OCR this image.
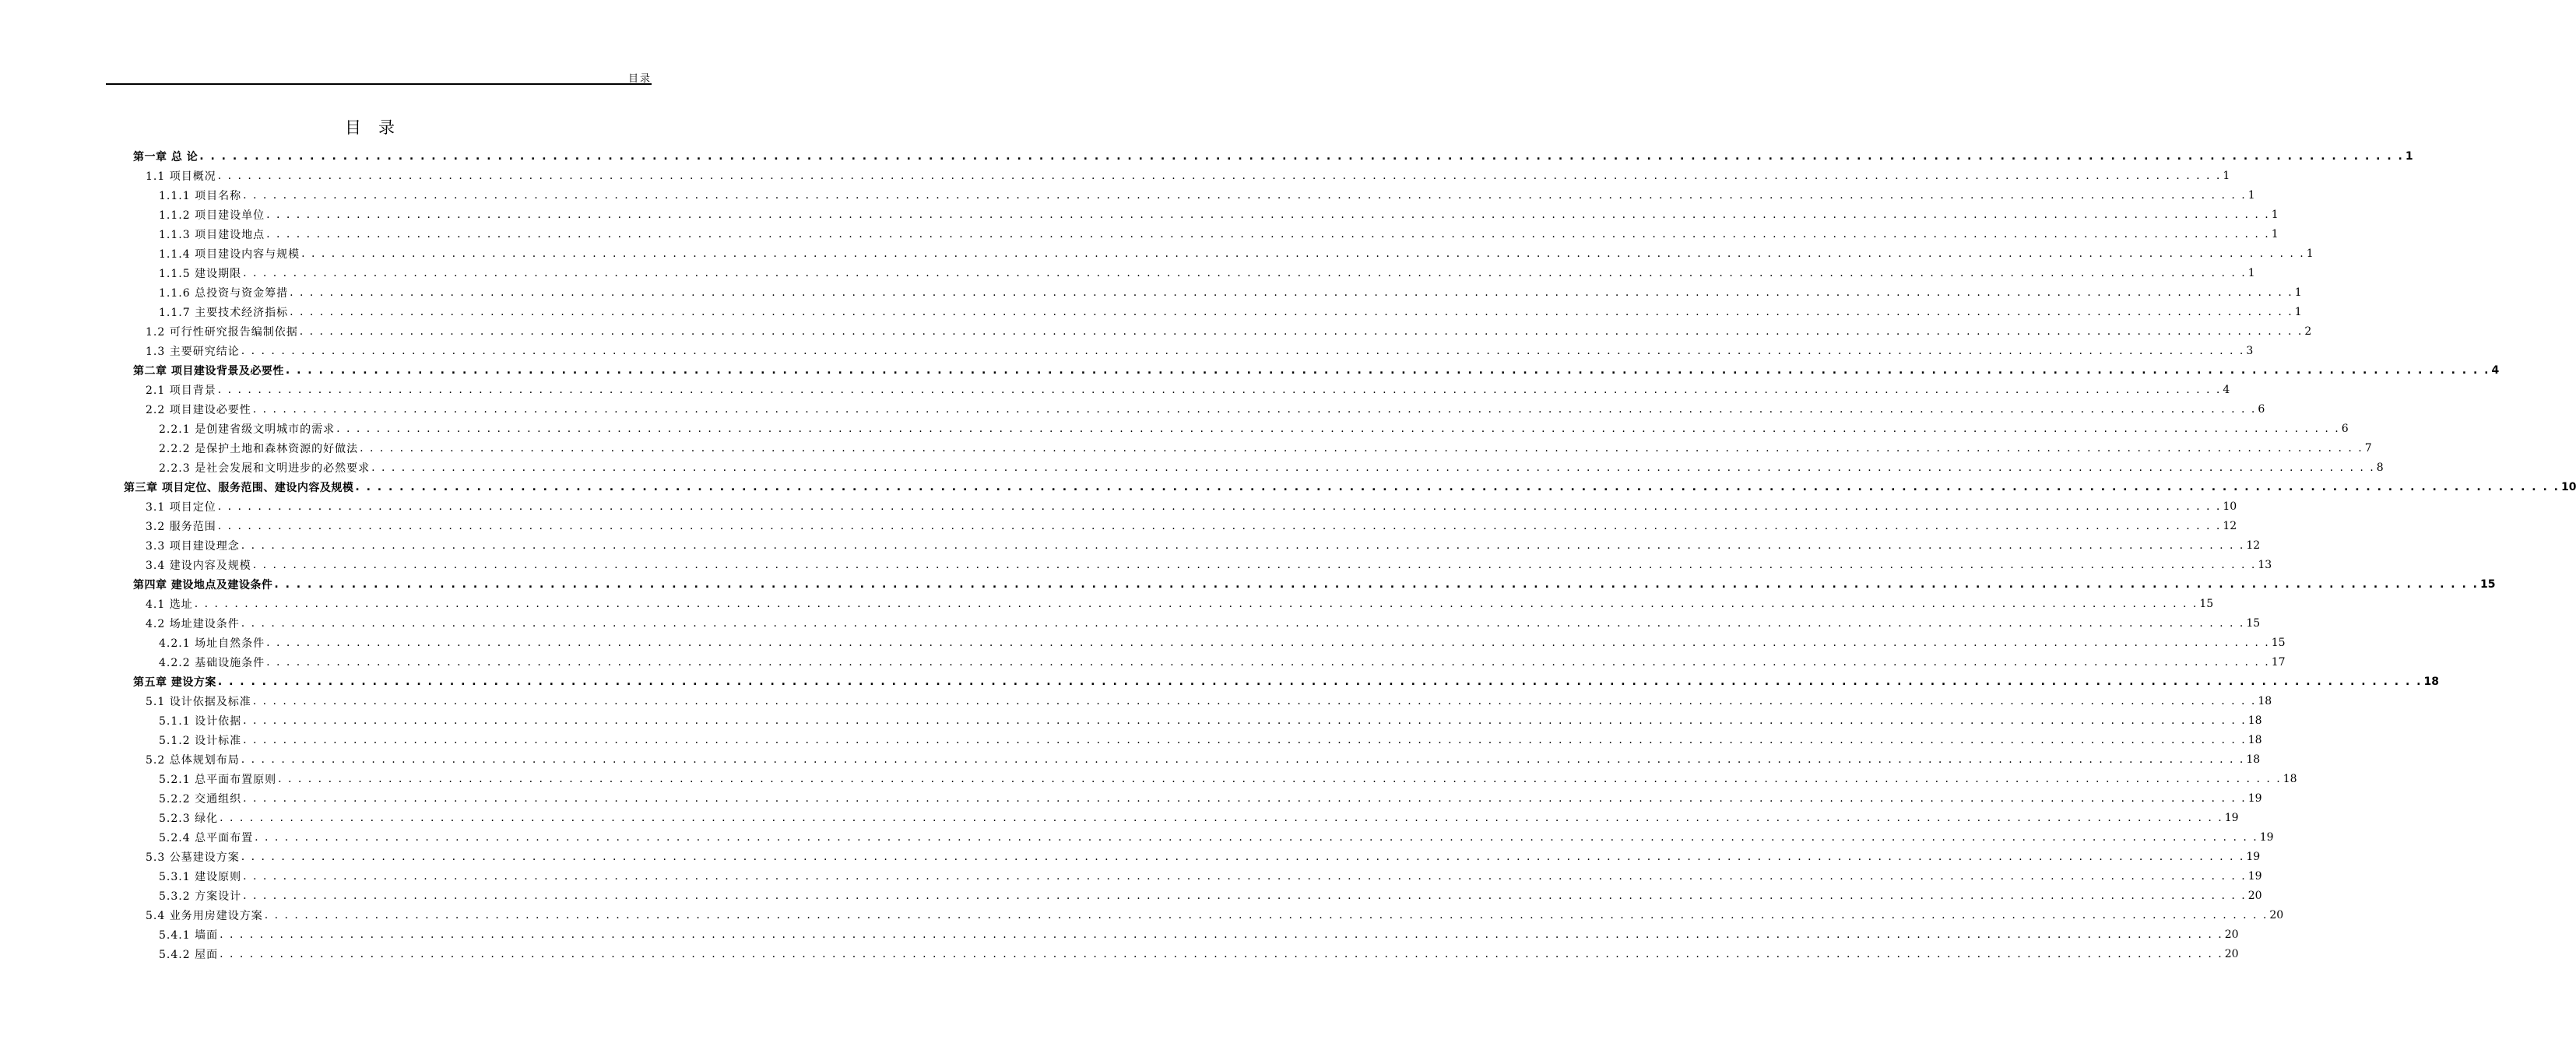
目录
目录
第一章 总 论 . . . . . . . . . . . . . . . . . . . . . . . . . . . . . . . . . . . . . . . . . . . . . . . . . . . . . . . . . . . . . . . . . . . . . . . . . . . . . . . . . . . . . . . . . . . . . . . . . . . . . . . . . . . . . . . . . . . . . . . . . . . . . . . . . . . . . . . . . . . . . . . . . . . . . . . . . . . . . . . . . . . . . . . . . . . . . . . . . . . . . . . . . . . . . . . . . . . . . . . . 1
1.1 项目概况 . . . . . . . . . . . . . . . . . . . . . . . . . . . . . . . . . . . . . . . . . . . . . . . . . . . . . . . . . . . . . . . . . . . . . . . . . . . . . . . . . . . . . . . . . . . . . . . . . . . . . . . . . . . . . . . . . . . . . . . . . . . . . . . . . . . . . . . . . . . . . . . . . . . . . . . . . . . . . . . . . . . . . . . . . . . . . . . . . . . . . . . . . . . . . . . . . . . . . . . . 1
1.1.1 项目名称 . . . . . . . . . . . . . . . . . . . . . . . . . . . . . . . . . . . . . . . . . . . . . . . . . . . . . . . . . . . . . . . . . . . . . . . . . . . . . . . . . . . . . . . . . . . . . . . . . . . . . . . . . . . . . . . . . . . . . . . . . . . . . . . . . . . . . . . . . . . . . . . . . . . . . . . . . . . . . . . . . . . . . . . . . . . . . . . . . . . . . . . . . . . . . . . . . . . . . . . . 1
1.1.2 项目建设单位 . . . . . . . . . . . . . . . . . . . . . . . . . . . . . . . . . . . . . . . . . . . . . . . . . . . . . . . . . . . . . . . . . . . . . . . . . . . . . . . . . . . . . . . . . . . . . . . . . . . . . . . . . . . . . . . . . . . . . . . . . . . . . . . . . . . . . . . . . . . . . . . . . . . . . . . . . . . . . . . . . . . . . . . . . . . . . . . . . . . . . . . . . . . . . . . . . . . . . . . . 1
1.1.3 项目建设地点 . . . . . . . . . . . . . . . . . . . . . . . . . . . . . . . . . . . . . . . . . . . . . . . . . . . . . . . . . . . . . . . . . . . . . . . . . . . . . . . . . . . . . . . . . . . . . . . . . . . . . . . . . . . . . . . . . . . . . . . . . . . . . . . . . . . . . . . . . . . . . . . . . . . . . . . . . . . . . . . . . . . . . . . . . . . . . . . . . . . . . . . . . . . . . . . . . . . . . . . . 1
1.1.4 项目建设内容与规模 . . . . . . . . . . . . . . . . . . . . . . . . . . . . . . . . . . . . . . . . . . . . . . . . . . . . . . . . . . . . . . . . . . . . . . . . . . . . . . . . . . . . . . . . . . . . . . . . . . . . . . . . . . . . . . . . . . . . . . . . . . . . . . . . . . . . . . . . . . . . . . . . . . . . . . . . . . . . . . . . . . . . . . . . . . . . . . . . . . . . . . . . . . . . . . . . . . . . . . . . 1
1.1.5 建设期限 . . . . . . . . . . . . . . . . . . . . . . . . . . . . . . . . . . . . . . . . . . . . . . . . . . . . . . . . . . . . . . . . . . . . . . . . . . . . . . . . . . . . . . . . . . . . . . . . . . . . . . . . . . . . . . . . . . . . . . . . . . . . . . . . . . . . . . . . . . . . . . . . . . . . . . . . . . . . . . . . . . . . . . . . . . . . . . . . . . . . . . . . . . . . . . . . . . . . . . . . 1
1.1.6 总投资与资金筹措 . . . . . . . . . . . . . . . . . . . . . . . . . . . . . . . . . . . . . . . . . . . . . . . . . . . . . . . . . . . . . . . . . . . . . . . . . . . . . . . . . . . . . . . . . . . . . . . . . . . . . . . . . . . . . . . . . . . . . . . . . . . . . . . . . . . . . . . . . . . . . . . . . . . . . . . . . . . . . . . . . . . . . . . . . . . . . . . . . . . . . . . . . . . . . . . . . . . . . . . . 1
1.1.7 主要技术经济指标 . . . . . . . . . . . . . . . . . . . . . . . . . . . . . . . . . . . . . . . . . . . . . . . . . . . . . . . . . . . . . . . . . . . . . . . . . . . . . . . . . . . . . . . . . . . . . . . . . . . . . . . . . . . . . . . . . . . . . . . . . . . . . . . . . . . . . . . . . . . . . . . . . . . . . . . . . . . . . . . . . . . . . . . . . . . . . . . . . . . . . . . . . . . . . . . . . . . . . . . . 1
1.2 可行性研究报告编制依据 . . . . . . . . . . . . . . . . . . . . . . . . . . . . . . . . . . . . . . . . . . . . . . . . . . . . . . . . . . . . . . . . . . . . . . . . . . . . . . . . . . . . . . . . . . . . . . . . . . . . . . . . . . . . . . . . . . . . . . . . . . . . . . . . . . . . . . . . . . . . . . . . . . . . . . . . . . . . . . . . . . . . . . . . . . . . . . . . . . . . . . . . . . . . . . . . . . . . . . . . 2
1.3 主要研究结论 . . . . . . . . . . . . . . . . . . . . . . . . . . . . . . . . . . . . . . . . . . . . . . . . . . . . . . . . . . . . . . . . . . . . . . . . . . . . . . . . . . . . . . . . . . . . . . . . . . . . . . . . . . . . . . . . . . . . . . . . . . . . . . . . . . . . . . . . . . . . . . . . . . . . . . . . . . . . . . . . . . . . . . . . . . . . . . . . . . . . . . . . . . . . . . . . . . . . . . . . 3
第二章 项目建设背景及必要性 . . . . . . . . . . . . . . . . . . . . . . . . . . . . . . . . . . . . . . . . . . . . . . . . . . . . . . . . . . . . . . . . . . . . . . . . . . . . . . . . . . . . . . . . . . . . . . . . . . . . . . . . . . . . . . . . . . . . . . . . . . . . . . . . . . . . . . . . . . . . . . . . . . . . . . . . . . . . . . . . . . . . . . . . . . . . . . . . . . . . . . . . . . . . . . . . . . . . . . . . 4
2.1 项目背景 . . . . . . . . . . . . . . . . . . . . . . . . . . . . . . . . . . . . . . . . . . . . . . . . . . . . . . . . . . . . . . . . . . . . . . . . . . . . . . . . . . . . . . . . . . . . . . . . . . . . . . . . . . . . . . . . . . . . . . . . . . . . . . . . . . . . . . . . . . . . . . . . . . . . . . . . . . . . . . . . . . . . . . . . . . . . . . . . . . . . . . . . . . . . . . . . . . . . . . . . 4
2.2 项目建设必要性 . . . . . . . . . . . . . . . . . . . . . . . . . . . . . . . . . . . . . . . . . . . . . . . . . . . . . . . . . . . . . . . . . . . . . . . . . . . . . . . . . . . . . . . . . . . . . . . . . . . . . . . . . . . . . . . . . . . . . . . . . . . . . . . . . . . . . . . . . . . . . . . . . . . . . . . . . . . . . . . . . . . . . . . . . . . . . . . . . . . . . . . . . . . . . . . . . . . . . . . . 6
2.2.1 是创建省级文明城市的需求 . . . . . . . . . . . . . . . . . . . . . . . . . . . . . . . . . . . . . . . . . . . . . . . . . . . . . . . . . . . . . . . . . . . . . . . . . . . . . . . . . . . . . . . . . . . . . . . . . . . . . . . . . . . . . . . . . . . . . . . . . . . . . . . . . . . . . . . . . . . . . . . . . . . . . . . . . . . . . . . . . . . . . . . . . . . . . . . . . . . . . . . . . . . . . . . . . . . . . . . . 6
2.2.2 是保护土地和森林资源的好做法 . . . . . . . . . . . . . . . . . . . . . . . . . . . . . . . . . . . . . . . . . . . . . . . . . . . . . . . . . . . . . . . . . . . . . . . . . . . . . . . . . . . . . . . . . . . . . . . . . . . . . . . . . . . . . . . . . . . . . . . . . . . . . . . . . . . . . . . . . . . . . . . . . . . . . . . . . . . . . . . . . . . . . . . . . . . . . . . . . . . . . . . . . . . . . . . . . . . . . . . . 7
2.2.3 是社会发展和文明进步的必然要求 . . . . . . . . . . . . . . . . . . . . . . . . . . . . . . . . . . . . . . . . . . . . . . . . . . . . . . . . . . . . . . . . . . . . . . . . . . . . . . . . . . . . . . . . . . . . . . . . . . . . . . . . . . . . . . . . . . . . . . . . . . . . . . . . . . . . . . . . . . . . . . . . . . . . . . . . . . . . . . . . . . . . . . . . . . . . . . . . . . . . . . . . . . . . . . . . . . . . . . . . 8
第三章 项目定位、服务范围、建设内容及规模 . . . . . . . . . . . . . . . . . . . . . . . . . . . . . . . . . . . . . . . . . . . . . . . . . . . . . . . . . . . . . . . . . . . . . . . . . . . . . . . . . . . . . . . . . . . . . . . . . . . . . . . . . . . . . . . . . . . . . . . . . . . . . . . . . . . . . . . . . . . . . . . . . . . . . . . . . . . . . . . . . . . . . . . . . . . . . . . . . . . . . . . . . . . . . . . . . . . . . . . . 10
3.1 项目定位 . . . . . . . . . . . . . . . . . . . . . . . . . . . . . . . . . . . . . . . . . . . . . . . . . . . . . . . . . . . . . . . . . . . . . . . . . . . . . . . . . . . . . . . . . . . . . . . . . . . . . . . . . . . . . . . . . . . . . . . . . . . . . . . . . . . . . . . . . . . . . . . . . . . . . . . . . . . . . . . . . . . . . . . . . . . . . . . . . . . . . . . . . . . . . . . . . . . . . . . . 10
3.2 服务范围 . . . . . . . . . . . . . . . . . . . . . . . . . . . . . . . . . . . . . . . . . . . . . . . . . . . . . . . . . . . . . . . . . . . . . . . . . . . . . . . . . . . . . . . . . . . . . . . . . . . . . . . . . . . . . . . . . . . . . . . . . . . . . . . . . . . . . . . . . . . . . . . . . . . . . . . . . . . . . . . . . . . . . . . . . . . . . . . . . . . . . . . . . . . . . . . . . . . . . . . . 12
3.3 项目建设理念 . . . . . . . . . . . . . . . . . . . . . . . . . . . . . . . . . . . . . . . . . . . . . . . . . . . . . . . . . . . . . . . . . . . . . . . . . . . . . . . . . . . . . . . . . . . . . . . . . . . . . . . . . . . . . . . . . . . . . . . . . . . . . . . . . . . . . . . . . . . . . . . . . . . . . . . . . . . . . . . . . . . . . . . . . . . . . . . . . . . . . . . . . . . . . . . . . . . . . . . . 12
3.4 建设内容及规模 . . . . . . . . . . . . . . . . . . . . . . . . . . . . . . . . . . . . . . . . . . . . . . . . . . . . . . . . . . . . . . . . . . . . . . . . . . . . . . . . . . . . . . . . . . . . . . . . . . . . . . . . . . . . . . . . . . . . . . . . . . . . . . . . . . . . . . . . . . . . . . . . . . . . . . . . . . . . . . . . . . . . . . . . . . . . . . . . . . . . . . . . . . . . . . . . . . . . . . . . 13
第四章 建设地点及建设条件 . . . . . . . . . . . . . . . . . . . . . . . . . . . . . . . . . . . . . . . . . . . . . . . . . . . . . . . . . . . . . . . . . . . . . . . . . . . . . . . . . . . . . . . . . . . . . . . . . . . . . . . . . . . . . . . . . . . . . . . . . . . . . . . . . . . . . . . . . . . . . . . . . . . . . . . . . . . . . . . . . . . . . . . . . . . . . . . . . . . . . . . . . . . . . . . . . . . . . . . . 15
4.1 选址 . . . . . . . . . . . . . . . . . . . . . . . . . . . . . . . . . . . . . . . . . . . . . . . . . . . . . . . . . . . . . . . . . . . . . . . . . . . . . . . . . . . . . . . . . . . . . . . . . . . . . . . . . . . . . . . . . . . . . . . . . . . . . . . . . . . . . . . . . . . . . . . . . . . . . . . . . . . . . . . . . . . . . . . . . . . . . . . . . . . . . . . . . . . . . . . . . . . . . . . . 15
4.2 场址建设条件 . . . . . . . . . . . . . . . . . . . . . . . . . . . . . . . . . . . . . . . . . . . . . . . . . . . . . . . . . . . . . . . . . . . . . . . . . . . . . . . . . . . . . . . . . . . . . . . . . . . . . . . . . . . . . . . . . . . . . . . . . . . . . . . . . . . . . . . . . . . . . . . . . . . . . . . . . . . . . . . . . . . . . . . . . . . . . . . . . . . . . . . . . . . . . . . . . . . . . . . . 15
4.2.1 场址自然条件 . . . . . . . . . . . . . . . . . . . . . . . . . . . . . . . . . . . . . . . . . . . . . . . . . . . . . . . . . . . . . . . . . . . . . . . . . . . . . . . . . . . . . . . . . . . . . . . . . . . . . . . . . . . . . . . . . . . . . . . . . . . . . . . . . . . . . . . . . . . . . . . . . . . . . . . . . . . . . . . . . . . . . . . . . . . . . . . . . . . . . . . . . . . . . . . . . . . . . . . . 15
4.2.2 基础设施条件 . . . . . . . . . . . . . . . . . . . . . . . . . . . . . . . . . . . . . . . . . . . . . . . . . . . . . . . . . . . . . . . . . . . . . . . . . . . . . . . . . . . . . . . . . . . . . . . . . . . . . . . . . . . . . . . . . . . . . . . . . . . . . . . . . . . . . . . . . . . . . . . . . . . . . . . . . . . . . . . . . . . . . . . . . . . . . . . . . . . . . . . . . . . . . . . . . . . . . . . . 17
第五章 建设方案 . . . . . . . . . . . . . . . . . . . . . . . . . . . . . . . . . . . . . . . . . . . . . . . . . . . . . . . . . . . . . . . . . . . . . . . . . . . . . . . . . . . . . . . . . . . . . . . . . . . . . . . . . . . . . . . . . . . . . . . . . . . . . . . . . . . . . . . . . . . . . . . . . . . . . . . . . . . . . . . . . . . . . . . . . . . . . . . . . . . . . . . . . . . . . . . . . . . . . . . . 18
5.1 设计依据及标准 . . . . . . . . . . . . . . . . . . . . . . . . . . . . . . . . . . . . . . . . . . . . . . . . . . . . . . . . . . . . . . . . . . . . . . . . . . . . . . . . . . . . . . . . . . . . . . . . . . . . . . . . . . . . . . . . . . . . . . . . . . . . . . . . . . . . . . . . . . . . . . . . . . . . . . . . . . . . . . . . . . . . . . . . . . . . . . . . . . . . . . . . . . . . . . . . . . . . . . . . 18
5.1.1 设计依据 . . . . . . . . . . . . . . . . . . . . . . . . . . . . . . . . . . . . . . . . . . . . . . . . . . . . . . . . . . . . . . . . . . . . . . . . . . . . . . . . . . . . . . . . . . . . . . . . . . . . . . . . . . . . . . . . . . . . . . . . . . . . . . . . . . . . . . . . . . . . . . . . . . . . . . . . . . . . . . . . . . . . . . . . . . . . . . . . . . . . . . . . . . . . . . . . . . . . . . . . 18
5.1.2 设计标准 . . . . . . . . . . . . . . . . . . . . . . . . . . . . . . . . . . . . . . . . . . . . . . . . . . . . . . . . . . . . . . . . . . . . . . . . . . . . . . . . . . . . . . . . . . . . . . . . . . . . . . . . . . . . . . . . . . . . . . . . . . . . . . . . . . . . . . . . . . . . . . . . . . . . . . . . . . . . . . . . . . . . . . . . . . . . . . . . . . . . . . . . . . . . . . . . . . . . . . . . 18
5.2 总体规划布局 . . . . . . . . . . . . . . . . . . . . . . . . . . . . . . . . . . . . . . . . . . . . . . . . . . . . . . . . . . . . . . . . . . . . . . . . . . . . . . . . . . . . . . . . . . . . . . . . . . . . . . . . . . . . . . . . . . . . . . . . . . . . . . . . . . . . . . . . . . . . . . . . . . . . . . . . . . . . . . . . . . . . . . . . . . . . . . . . . . . . . . . . . . . . . . . . . . . . . . . . 18
5.2.1 总平面布置原则 . . . . . . . . . . . . . . . . . . . . . . . . . . . . . . . . . . . . . . . . . . . . . . . . . . . . . . . . . . . . . . . . . . . . . . . . . . . . . . . . . . . . . . . . . . . . . . . . . . . . . . . . . . . . . . . . . . . . . . . . . . . . . . . . . . . . . . . . . . . . . . . . . . . . . . . . . . . . . . . . . . . . . . . . . . . . . . . . . . . . . . . . . . . . . . . . . . . . . . . . 18
5.2.2 交通组织 . . . . . . . . . . . . . . . . . . . . . . . . . . . . . . . . . . . . . . . . . . . . . . . . . . . . . . . . . . . . . . . . . . . . . . . . . . . . . . . . . . . . . . . . . . . . . . . . . . . . . . . . . . . . . . . . . . . . . . . . . . . . . . . . . . . . . . . . . . . . . . . . . . . . . . . . . . . . . . . . . . . . . . . . . . . . . . . . . . . . . . . . . . . . . . . . . . . . . . . . 19
5.2.3 绿化 . . . . . . . . . . . . . . . . . . . . . . . . . . . . . . . . . . . . . . . . . . . . . . . . . . . . . . . . . . . . . . . . . . . . . . . . . . . . . . . . . . . . . . . . . . . . . . . . . . . . . . . . . . . . . . . . . . . . . . . . . . . . . . . . . . . . . . . . . . . . . . . . . . . . . . . . . . . . . . . . . . . . . . . . . . . . . . . . . . . . . . . . . . . . . . . . . . . . . . . . 19
5.2.4 总平面布置 . . . . . . . . . . . . . . . . . . . . . . . . . . . . . . . . . . . . . . . . . . . . . . . . . . . . . . . . . . . . . . . . . . . . . . . . . . . . . . . . . . . . . . . . . . . . . . . . . . . . . . . . . . . . . . . . . . . . . . . . . . . . . . . . . . . . . . . . . . . . . . . . . . . . . . . . . . . . . . . . . . . . . . . . . . . . . . . . . . . . . . . . . . . . . . . . . . . . . . . . 19
5.3 公墓建设方案 . . . . . . . . . . . . . . . . . . . . . . . . . . . . . . . . . . . . . . . . . . . . . . . . . . . . . . . . . . . . . . . . . . . . . . . . . . . . . . . . . . . . . . . . . . . . . . . . . . . . . . . . . . . . . . . . . . . . . . . . . . . . . . . . . . . . . . . . . . . . . . . . . . . . . . . . . . . . . . . . . . . . . . . . . . . . . . . . . . . . . . . . . . . . . . . . . . . . . . . . 19
5.3.1 建设原则 . . . . . . . . . . . . . . . . . . . . . . . . . . . . . . . . . . . . . . . . . . . . . . . . . . . . . . . . . . . . . . . . . . . . . . . . . . . . . . . . . . . . . . . . . . . . . . . . . . . . . . . . . . . . . . . . . . . . . . . . . . . . . . . . . . . . . . . . . . . . . . . . . . . . . . . . . . . . . . . . . . . . . . . . . . . . . . . . . . . . . . . . . . . . . . . . . . . . . . . . 19
5.3.2 方案设计 . . . . . . . . . . . . . . . . . . . . . . . . . . . . . . . . . . . . . . . . . . . . . . . . . . . . . . . . . . . . . . . . . . . . . . . . . . . . . . . . . . . . . . . . . . . . . . . . . . . . . . . . . . . . . . . . . . . . . . . . . . . . . . . . . . . . . . . . . . . . . . . . . . . . . . . . . . . . . . . . . . . . . . . . . . . . . . . . . . . . . . . . . . . . . . . . . . . . . . . . 20
5.4 业务用房建设方案 . . . . . . . . . . . . . . . . . . . . . . . . . . . . . . . . . . . . . . . . . . . . . . . . . . . . . . . . . . . . . . . . . . . . . . . . . . . . . . . . . . . . . . . . . . . . . . . . . . . . . . . . . . . . . . . . . . . . . . . . . . . . . . . . . . . . . . . . . . . . . . . . . . . . . . . . . . . . . . . . . . . . . . . . . . . . . . . . . . . . . . . . . . . . . . . . . . . . . . . . 20
5.4.1 墙面 . . . . . . . . . . . . . . . . . . . . . . . . . . . . . . . . . . . . . . . . . . . . . . . . . . . . . . . . . . . . . . . . . . . . . . . . . . . . . . . . . . . . . . . . . . . . . . . . . . . . . . . . . . . . . . . . . . . . . . . . . . . . . . . . . . . . . . . . . . . . . . . . . . . . . . . . . . . . . . . . . . . . . . . . . . . . . . . . . . . . . . . . . . . . . . . . . . . . . . . . 20
5.4.2 屋面 . . . . . . . . . . . . . . . . . . . . . . . . . . . . . . . . . . . . . . . . . . . . . . . . . . . . . . . . . . . . . . . . . . . . . . . . . . . . . . . . . . . . . . . . . . . . . . . . . . . . . . . . . . . . . . . . . . . . . . . . . . . . . . . . . . . . . . . . . . . . . . . . . . . . . . . . . . . . . . . . . . . . . . . . . . . . . . . . . . . . . . . . . . . . . . . . . . . . . . . . 20
